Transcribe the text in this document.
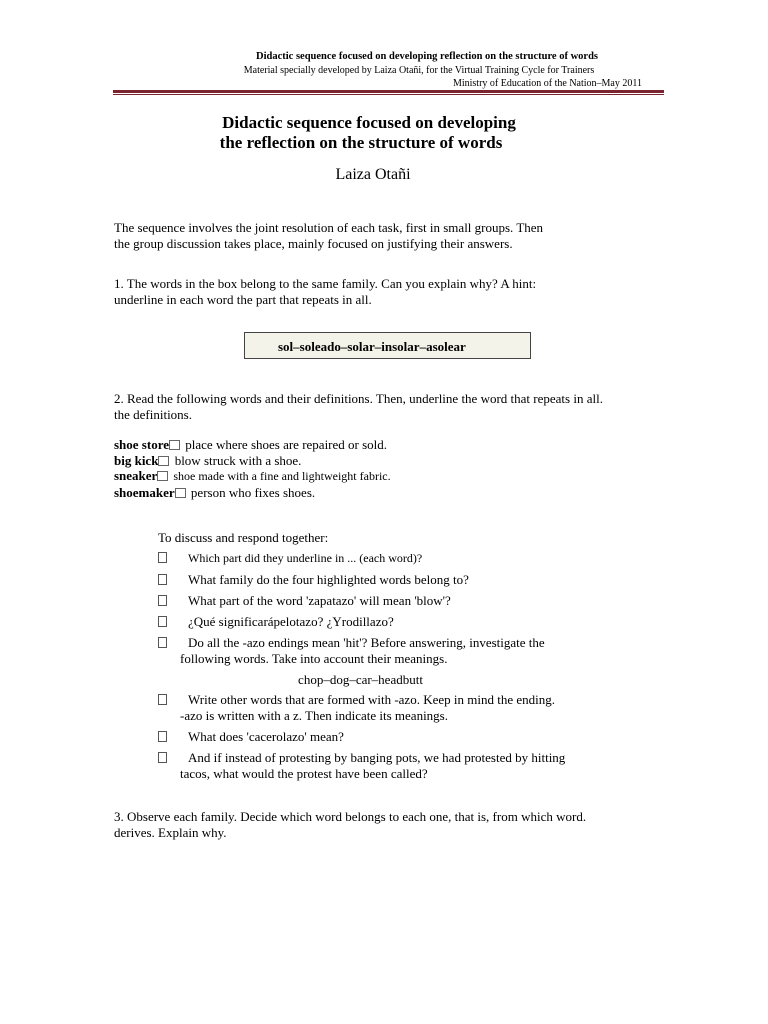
Didactic sequence focused on developing reflection on the structure of words
Material specially developed by Laiza Otañi, for the Virtual Training Cycle for Trainers
Ministry of Education of the Nation–May 2011
Didactic sequence focused on developing
the reflection on the structure of words
Laiza Otañi
The sequence involves the joint resolution of each task, first in small groups. Then
the group discussion takes place, mainly focused on justifying their answers.
1. The words in the box belong to the same family. Can you explain why? A hint:
underline in each word the part that repeats in all.
sol–soleado–solar–insolar–asolear
2. Read the following words and their definitions. Then, underline the word that repeats in all.
the definitions.
shoe store place where shoes are repaired or sold.
big kick blow struck with a shoe.
sneaker shoe made with a fine and lightweight fabric.
shoemaker person who fixes shoes.
To discuss and respond together:
Which part did they underline in ... (each word)?
What family do the four highlighted words belong to?
What part of the word 'zapatazo' will mean 'blow'?
¿Qué significarápelotazo? ¿Yrodillazo?
Do all the -azo endings mean 'hit'? Before answering, investigate the
following words. Take into account their meanings.
chop–dog–car–headbutt
Write other words that are formed with -azo. Keep in mind the ending.
-azo is written with a z. Then indicate its meanings.
What does 'cacerolazo' mean?
And if instead of protesting by banging pots, we had protested by hitting
tacos, what would the protest have been called?
3. Observe each family. Decide which word belongs to each one, that is, from which word.
derives. Explain why.
